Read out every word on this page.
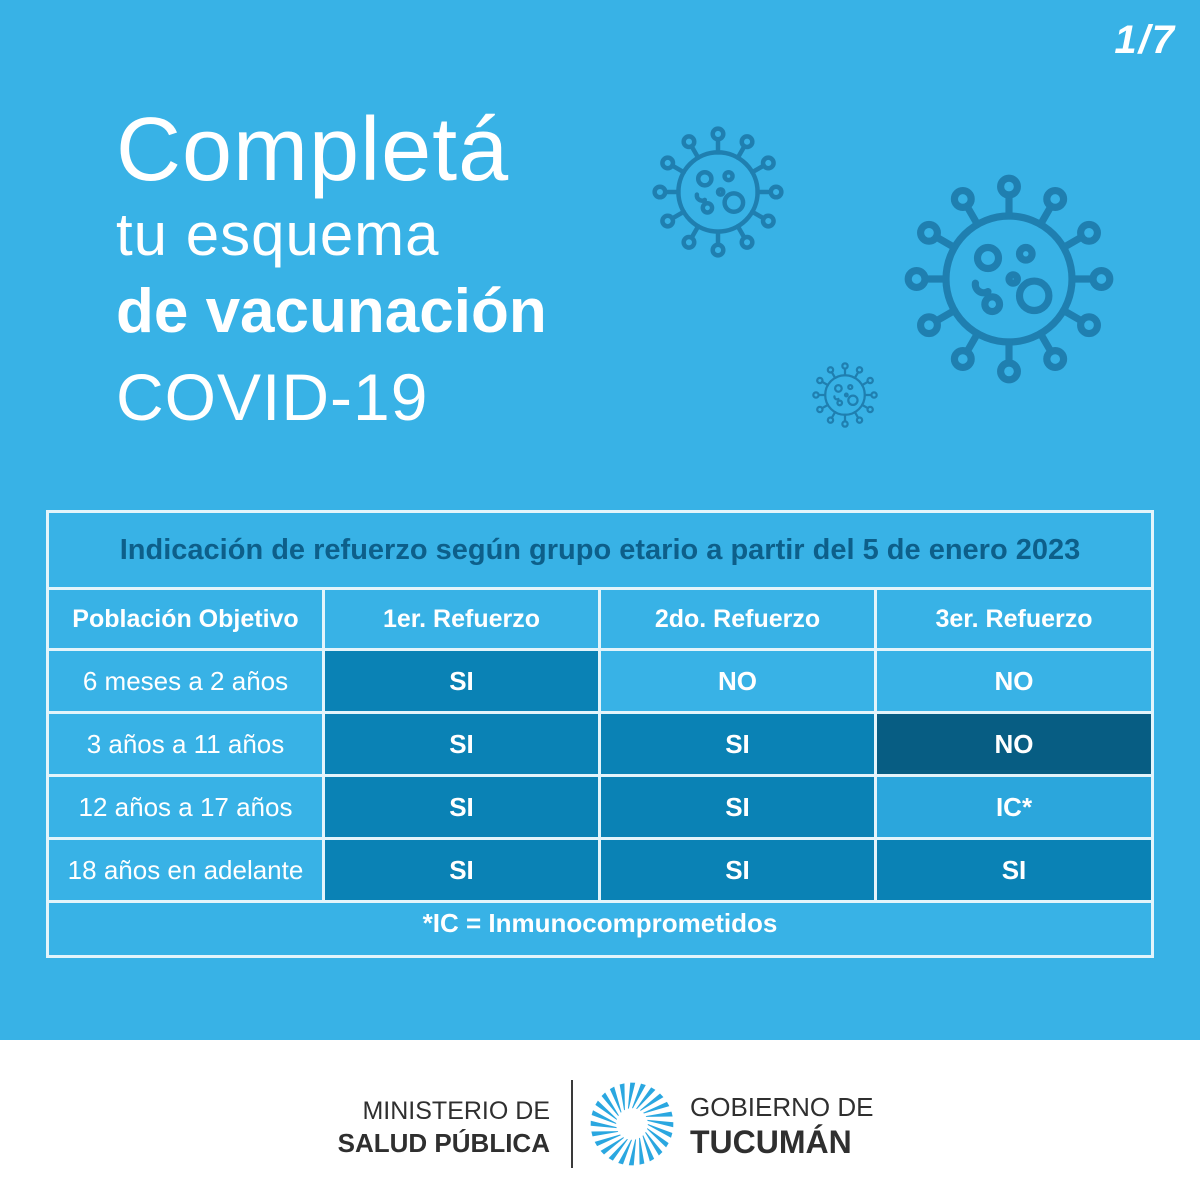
1/7
Completá
tu esquema
de vacunación
COVID-19
Indicación de refuerzo según grupo etario a partir del 5 de enero 2023
Población Objetivo	1er. Refuerzo	2do. Refuerzo	3er. Refuerzo
6 meses a 2 años	SI	NO	NO
3 años a 11 años	SI	SI	NO
12 años a 17 años	SI	SI	IC*
18 años en adelante	SI	SI	SI
*IC = Inmunocomprometidos
MINISTERIO DE
SALUD PÚBLICA
GOBIERNO DE
TUCUMÁN
